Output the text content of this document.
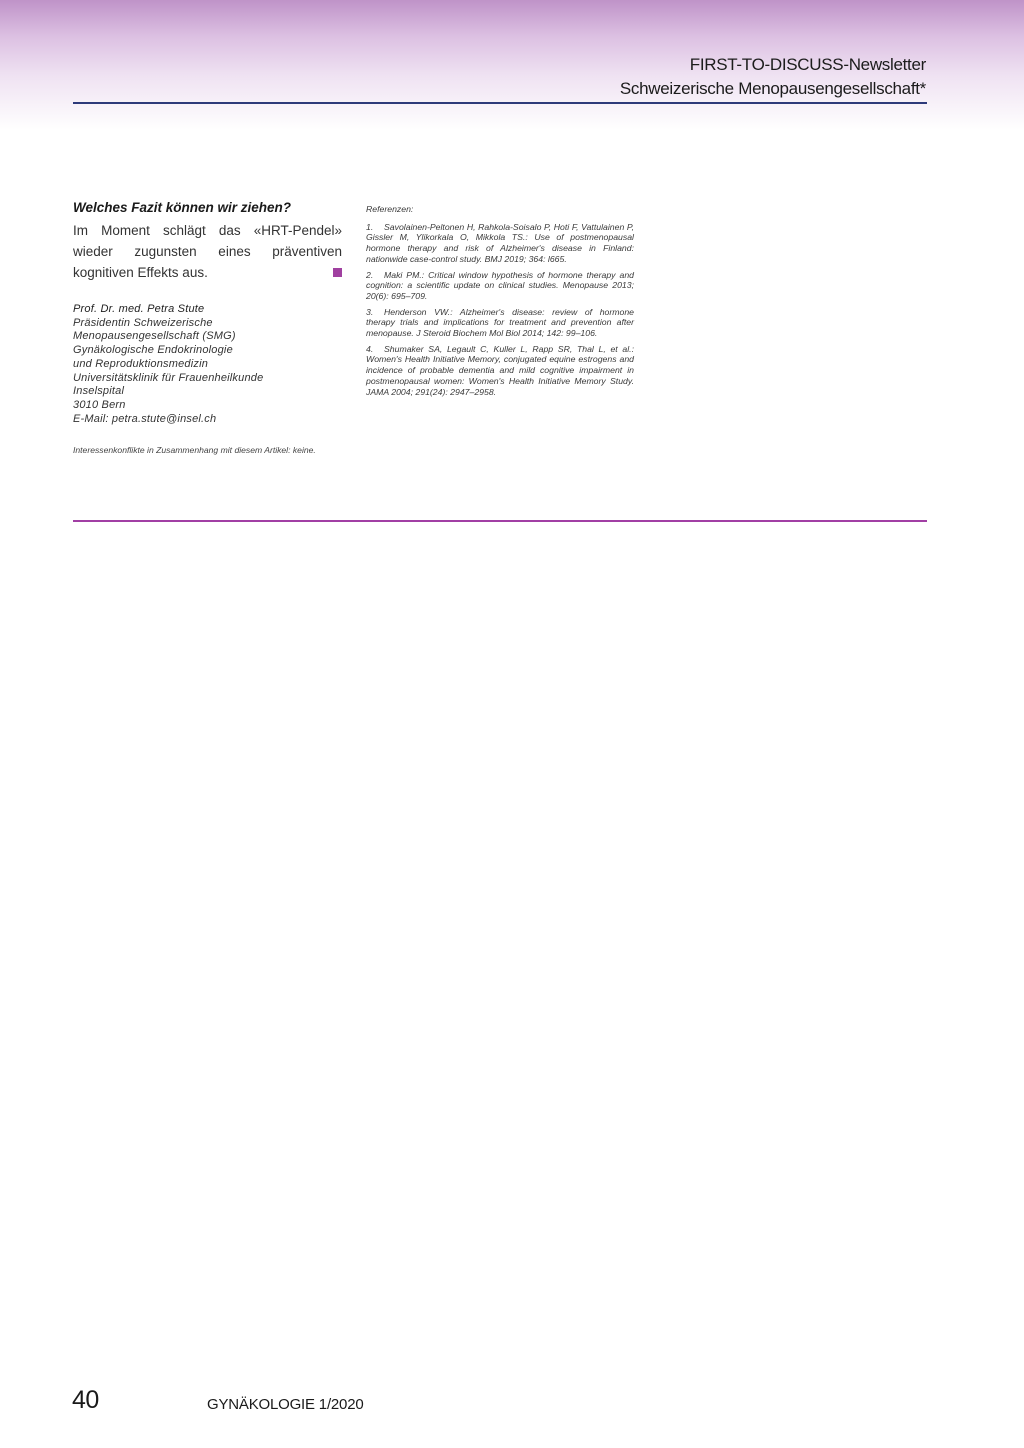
FIRST-TO-DISCUSS-Newsletter
Schweizerische Menopausengesellschaft*

Welches Fazit können wir ziehen?

Im Moment schlägt das «HRT-Pendel» wieder zugunsten eines präventiven kognitiven Effekts aus.

Prof. Dr. med. Petra Stute
Präsidentin Schweizerische
Menopausengesellschaft (SMG)
Gynäkologische Endokrinologie
und Reproduktionsmedizin
Universitätsklinik für Frauenheilkunde
Inselspital
3010 Bern
E-Mail: petra.stute@insel.ch
Interessenkonflikte in Zusammenhang mit diesem Artikel: keine.

Referenzen:

1. Savolainen-Peltonen H, Rahkola-Soisalo P, Hoti F, Vattulainen P, Gissler M, Ylikorkala O, Mikkola TS.: Use of postmenopausal hormone therapy and risk of Alzheimer's disease in Finland: nationwide case-control study. BMJ 2019; 364: l665.

2. Maki PM.: Critical window hypothesis of hormone therapy and cognition: a scientific update on clinical studies. Menopause 2013; 20(6): 695–709.

3. Henderson VW.: Alzheimer's disease: review of hormone therapy trials and implications for treatment and prevention after menopause. J Steroid Biochem Mol Biol 2014; 142: 99–106.

4. Shumaker SA, Legault C, Kuller L, Rapp SR, Thal L, et al.: Women's Health Initiative Memory, conjugated equine estrogens and incidence of probable dementia and mild cognitive impairment in postmenopausal women: Women's Health Initiative Memory Study. JAMA 2004; 291(24): 2947–2958.

40	GYNÄKOLOGIE 1/2020
